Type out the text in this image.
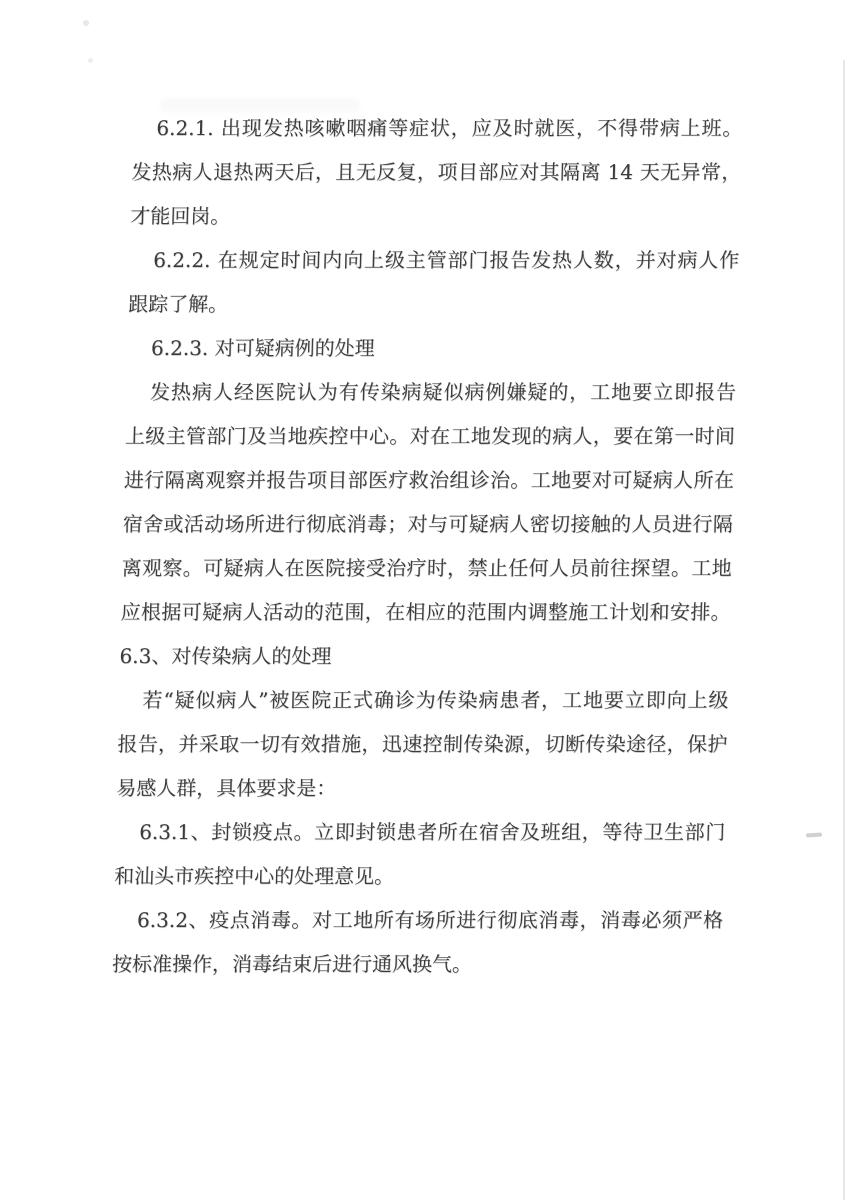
6.2.1. 出现发热咳嗽咽痛等症状，应及时就医，不得带病上班。
发热病人退热两天后，且无反复，项目部应对其隔离 14 天无异常，
才能回岗。
6.2.2. 在规定时间内向上级主管部门报告发热人数，并对病人作
跟踪了解。
6.2.3. 对可疑病例的处理
发热病人经医院认为有传染病疑似病例嫌疑的，工地要立即报告
上级主管部门及当地疾控中心。对在工地发现的病人，要在第一时间
进行隔离观察并报告项目部医疗救治组诊治。工地要对可疑病人所在
宿舍或活动场所进行彻底消毒；对与可疑病人密切接触的人员进行隔
离观察。可疑病人在医院接受治疗时，禁止任何人员前往探望。工地
应根据可疑病人活动的范围，在相应的范围内调整施工计划和安排。
6.3、对传染病人的处理
若“疑似病人”被医院正式确诊为传染病患者，工地要立即向上级
报告，并采取一切有效措施，迅速控制传染源，切断传染途径，保护
易感人群，具体要求是：
6.3.1、封锁疫点。立即封锁患者所在宿舍及班组，等待卫生部门
和汕头市疾控中心的处理意见。
6.3.2、疫点消毒。对工地所有场所进行彻底消毒，消毒必须严格
按标准操作，消毒结束后进行通风换气。
